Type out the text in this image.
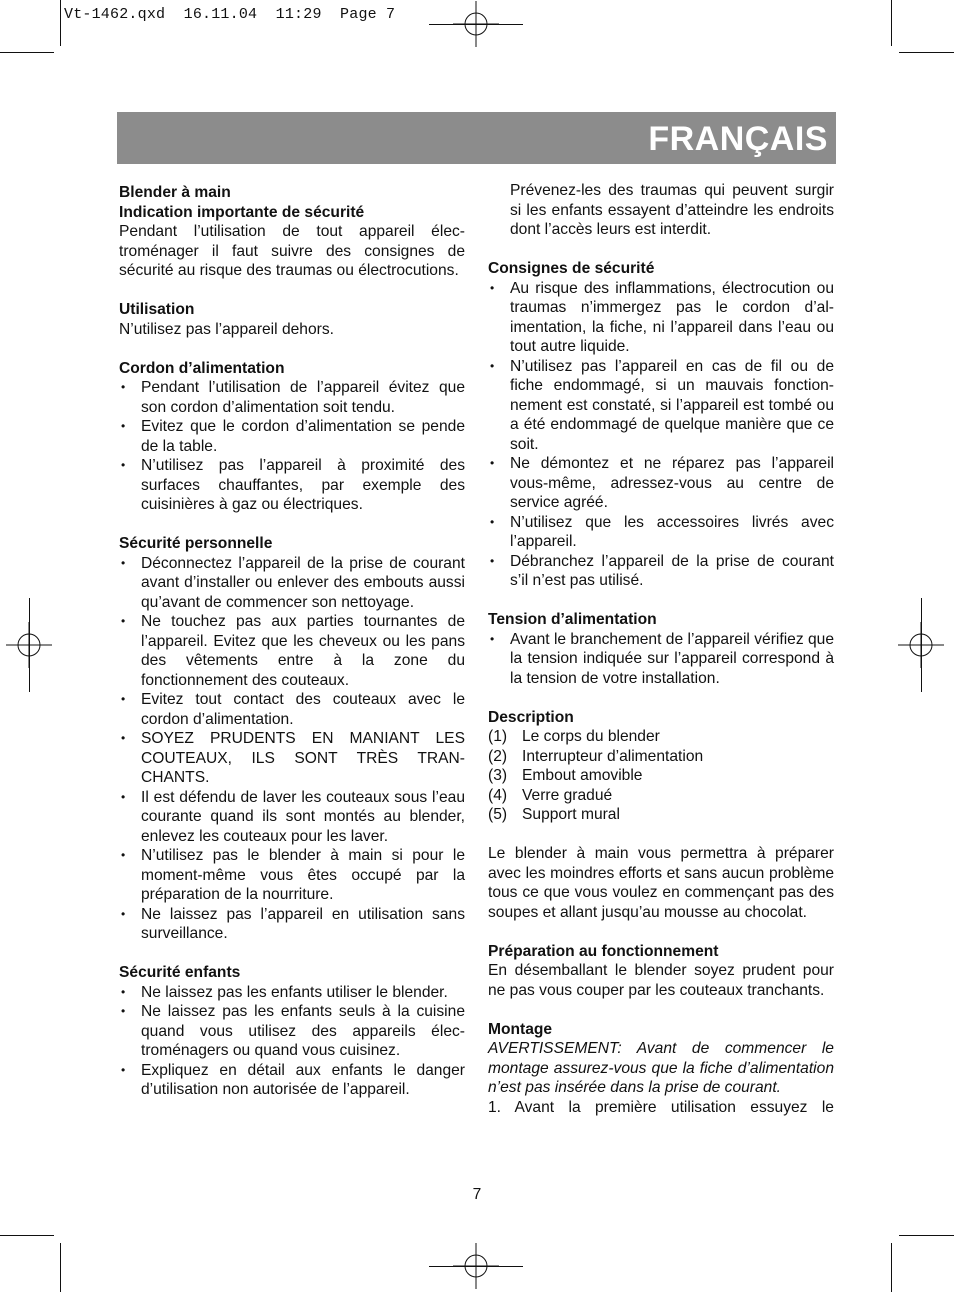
Vt-1462.qxd  16.11.04  11:29  Page 7
FRANÇAIS

Blender à main

Indication importante de sécurité

Pendant l’utilisation de tout appareil électroménager il faut suivre des consignes de sécurité au risque des traumas ou électrocutions.

Utilisation

N’utilisez pas l’appareil dehors.

Cordon d’alimentation

• Pendant l’utilisation de l’appareil évitez que son cordon d’alimentation soit tendu.
• Evitez que le cordon d’alimentation se pende de la table.
• N’utilisez pas l’appareil à proximité des surfaces chauffantes, par exemple des cuisinières à gaz ou électriques.

Sécurité personnelle

• Déconnectez l’appareil de la prise de courant avant d’installer ou enlever des embouts aussi qu’avant de commencer son nettoyage.
• Ne touchez pas aux parties tournantes de l’appareil. Evitez que les cheveux ou les pans des vêtements entre à la zone du fonctionnement des couteaux.
• Evitez tout contact des couteaux avec le cordon d’alimentation.
• SOYEZ PRUDENTS EN MANIANT LES COUTEAUX, ILS SONT TRÈS TRANCHANTS.
• Il est défendu de laver les couteaux sous l’eau courante quand ils sont montés au blender, enlevez les couteaux pour les laver.
• N’utilisez pas le blender à main si pour le moment-même vous êtes occupé par la préparation de la nourriture.
• Ne laissez pas l’appareil en utilisation sans surveillance.

Sécurité enfants

• Ne laissez pas les enfants utiliser le blender.
• Ne laissez pas les enfants seuls à la cuisine quand vous utilisez des appareils électroménagers ou quand vous cuisinez.
• Expliquez en détail aux enfants le danger d’utilisation non autorisée de l’appareil.

Prévenez-les des traumas qui peuvent surgir si les enfants essayent d’atteindre les endroits dont l’accès leurs est interdit.

Consignes de sécurité

• Au risque des inflammations, électrocution ou traumas n’immergez pas le cordon d’alimentation, la fiche, ni l’appareil dans l’eau ou tout autre liquide.
• N’utilisez pas l’appareil en cas de fil ou de fiche endommagé, si un mauvais fonctionnement est constaté, si l’appareil est tombé ou a été endommagé de quelque manière que ce soit.
• Ne démontez et ne réparez pas l’appareil vous-même, adressez-vous au centre de service agréé.
• N’utilisez que les accessoires livrés avec l’appareil.
• Débranchez l’appareil de la prise de courant s’il n’est pas utilisé.

Tension d’alimentation

• Avant le branchement de l’appareil vérifiez que la tension indiquée sur l’appareil correspond à la tension de votre installation.

Description

(1) Le corps du blender
(2) Interrupteur d’alimentation
(3) Embout amovible
(4) Verre gradué
(5) Support mural

Le blender à main vous permettra à préparer avec les moindres efforts et sans aucun problème tous ce que vous voulez en commençant pas des soupes et allant jusqu’au mousse au chocolat.

Préparation au fonctionnement

En désemballant le blender soyez prudent pour ne pas vous couper par les couteaux tranchants.

Montage

AVERTISSEMENT: Avant de commencer le montage assurez-vous que la fiche d’alimentation n’est pas insérée dans la prise de courant.

1. Avant la première utilisation essuyez le

7
